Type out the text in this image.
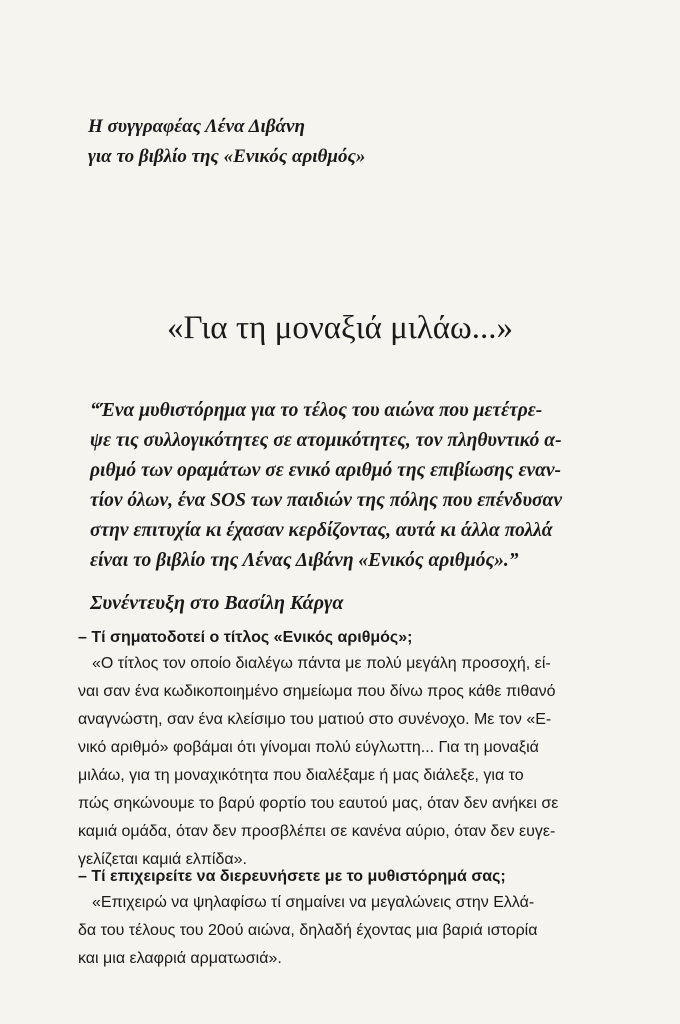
Η συγγραφέας Λένα Διβάνη
για το βιβλίο της «Ενικός αριθμός»
«Για τη μοναξιά μιλάω...»
“Ένα μυθιστόρημα για το τέλος του αιώνα που μετέτρε-
ψε τις συλλογικότητες σε ατομικότητες, τον πληθυντικό α-
ριθμό των οραμάτων σε ενικό αριθμό της επιβίωσης εναν-
τίον όλων, ένα SOS των παιδιών της πόλης που επένδυσαν
στην επιτυχία κι έχασαν κερδίζοντας, αυτά κι άλλα πολλά
είναι το βιβλίο της Λένας Διβάνη «Ενικός αριθμός».”
Συνέντευξη στο Βασίλη Κάργα
– Τί σηματοδοτεί ο τίτλος «Ενικός αριθμός»;
«Ο τίτλος τον οποίο διαλέγω πάντα με πολύ μεγάλη προσοχή, εί-
ναι σαν ένα κωδικοποιημένο σημείωμα που δίνω προς κάθε πιθανό
αναγνώστη, σαν ένα κλείσιμο του ματιού στο συνένοχο. Με τον «Ε-
νικό αριθμό» φοβάμαι ότι γίνομαι πολύ εύγλωττη... Για τη μοναξιά
μιλάω, για τη μοναχικότητα που διαλέξαμε ή μας διάλεξε, για το
πώς σηκώνουμε το βαρύ φορτίο του εαυτού μας, όταν δεν ανήκει σε
καμιά ομάδα, όταν δεν προσβλέπει σε κανένα αύριο, όταν δεν ευγε-
γελίζεται καμιά ελπίδα».
– Τί επιχειρείτε να διερευνήσετε με το μυθιστόρημά σας;
«Επιχειρώ να ψηλαφίσω τί σημαίνει να μεγαλώνεις στην Ελλά-
δα του τέλους του 20ού αιώνα, δηλαδή έχοντας μια βαριά ιστορία
και μια ελαφριά αρματωσιά».
